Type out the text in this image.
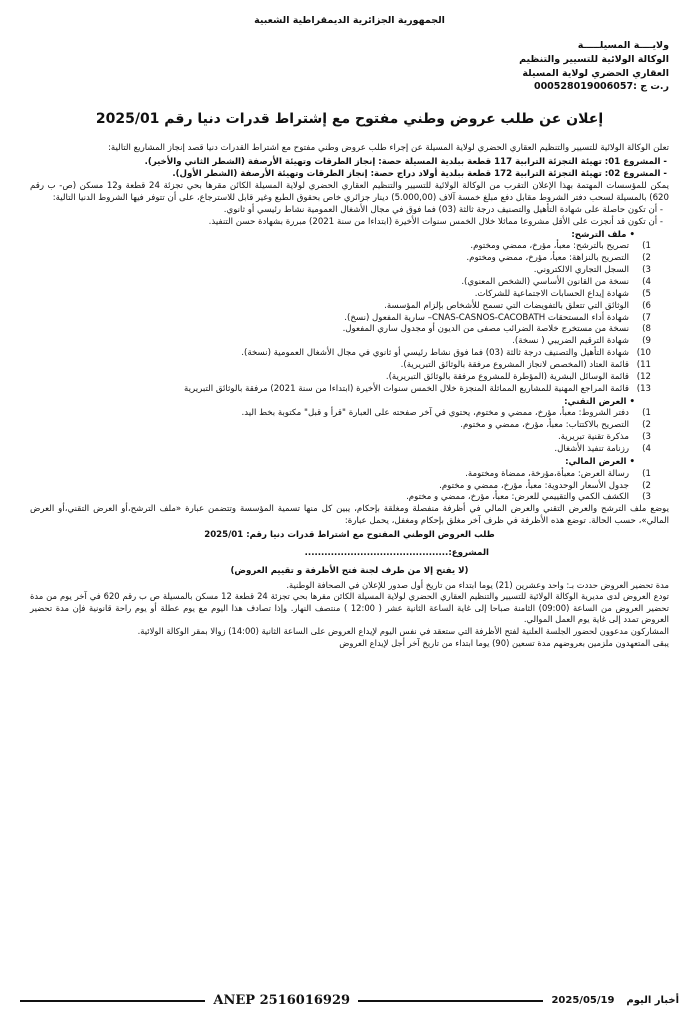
الجمهورية الجزائرية الديمقراطية الشعبية
ولايــــة المسيلـــــة
الوكالة الولائية للتسيير والتنظيم
العقاري الحضري لولاية المسيلة
ر.ت ج :000528019006057
إعلان عن طلب عروض وطني مفتوح مع إشتراط قدرات دنيا رقم 2025/01

تعلن الوكالة الولائية للتسيير والتنظيم العقاري الحضري لولاية المسيلة عن إجراء طلب عروض وطني مفتوح مع اشتراط القدرات دنيا قصد إنجاز المشاريع التالية:

- المشروع 01: تهيئة التجزئة الترابية 117 قطعة ببلدية المسيلة حصة: إنجاز الطرقات وتهيئة الأرصفة (الشطر الثاني والأخير).

- المشروع 02: تهيئة التجزئة الترابية 172 قطعة ببلدية أولاد دراج حصة: إنجاز الطرقات وتهيئة الأرصفة (الشطر الأول).

يمكن للمؤسسات المهتمة بهذا الإعلان التقرب من الوكالة الولائية للتسيير والتنظيم العقاري الحضري لولاية المسيلة الكائن مقرها بحي تجزئة 24 قطعة و12 مسكن (ص- ب رقم 620) بالمسيلة لسحب دفتر الشروط مقابل دفع مبلغ خمسة آلاف (5.000,00) دينار جزائري خاص بحقوق الطبع وغير قابل للاسترجاع، على أن تتوفر فيها الشروط الدنيا التالية:

- أن تكون حاصلة على شهادة التأهيل والتصنيف درجة ثالثة (03) فما فوق في مجال الأشغال العمومية نشاط رئيسي أو ثانوي.

- أن تكون قد أنجزت على الأقل مشروعا مماثلا خلال الخمس سنوات الأخيرة (ابتداءا من سنة 2021) مبررة بشهادة حسن التنفيذ.

• ملف الترشح:
1)
تصريح بالترشح: معبأ، مؤرخ، ممضي ومختوم.
2)
التصريح بالنزاهة: معبأ، مؤرخ، ممضي ومختوم.
3)
السجل التجاري الالكتروني.
4)
نسخة من القانون الأساسي (الشخص المعنوي).
5)
شهادة إيداع الحسابات الاجتماعية للشركات.
6)
الوثائق التي تتعلق بالتفويضات التي تسمح للأشخاص بإلزام المؤسسة.
7)
شهادة أداء المستحقات CNAS-CASNOS-CACOBATH– سارية المفعول (نسخ).
8)
نسخة من مستخرج خلاصة الضرائب مصفى من الديون أو مجدول ساري المفعول.
9)
شهادة الترقيم الضريبي ( نسخة).
10)
شهادة التأهيل والتصنيف درجة ثالثة (03) فما فوق نشاط رئيسي أو ثانوي في مجال الأشغال العمومية (نسخة).
11)
قائمة العتاد (المخصص لانجاز المشروع مرفقة بالوثائق التبريرية).
12)
قائمة الوسائل البشرية (المؤطرة للمشروع مرفقة بالوثائق التبريرية).
13)
قائمة المراجع المهنية للمشاريع المماثلة المنجزة خلال الخمس سنوات الأخيرة (ابتداءا من سنة 2021) مرفقة بالوثائق التبريرية
• العرض التقني:
1)
دفتر الشروط: معبأ، مؤرخ، ممضي و مختوم، يحتوي في آخر صفحته على العبارة "قرأ و قبل" مكتوبة بخط اليد.
2)
التصريح بالاكتتاب: معبأ، مؤرخ، ممضي و مختوم.
3)
مذكرة تقنية تبريرية.
4)
رزنامة تنفيذ الأشغال.
• العرض المالي:
1)
رسالة العرض: معبأة،مؤرخة، ممضاة ومختومة.
2)
جدول الأسعار الوحدوية: معبأ، مؤرخ، ممضي و مختوم.
3)
الكشف الكمي والتقييمي للعرض: معبأ، مؤرخ، ممضي و مختوم.

يوضع ملف الترشح والعرض التقني والعرض المالي في أظرفة منفصلة ومغلقة بإحكام، يبين كل منها تسمية المؤسسة وتتضمن عبارة «ملف الترشح،أو العرض التقني،أو العرض المالي»، حسب الحالة. توضع هذه الأظرفة في ظرف آخر مغلق بإحكام ومغفل، يحمل عبارة:

طلب العروض الوطني المفتوح مع اشتراط قدرات دنيا رقم: 2025/01
المشروع:............................................
(لا يفتح إلا من طرف لجنة فتح الأظرفة و تقييم العروض)

مدة تحضير العروض حددت بـ: واحد وعشرين (21) يوما ابتداء من تاريخ أول صدور للإعلان في الصحافة الوطنية.

تودع العروض لدى مديرية الوكالة الولائية للتسيير والتنظيم العقاري الحضري لولاية المسيلة الكائن مقرها بحي تجزئة 24 قطعة 12 مسكن بالمسيلة ص ب رقم 620 في آخر يوم من مدة تحضير العروض من الساعة (09:00) الثامنة صباحا إلى غاية الساعة الثانية عشر ( 12:00 ) منتصف النهار. وإذا تصادف هذا اليوم مع يوم عطلة أو يوم راحة قانونية فإن مدة تحضير العروض تمدد إلى غاية يوم العمل الموالي.

المشاركون مدعوون لحضور الجلسة العلنية لفتح الأظرفة التي ستعقد في نفس اليوم لإيداع العروض على الساعة الثانية (14:00) زوالا بمقر الوكالة الولائية.

يبقى المتعهدون ملزمين بعروضهم مدة تسعين (90) يوما ابتداء من تاريخ آخر أجل لإيداع العروض

ANEP 2516016929	2025/05/19	أخبار اليوم
